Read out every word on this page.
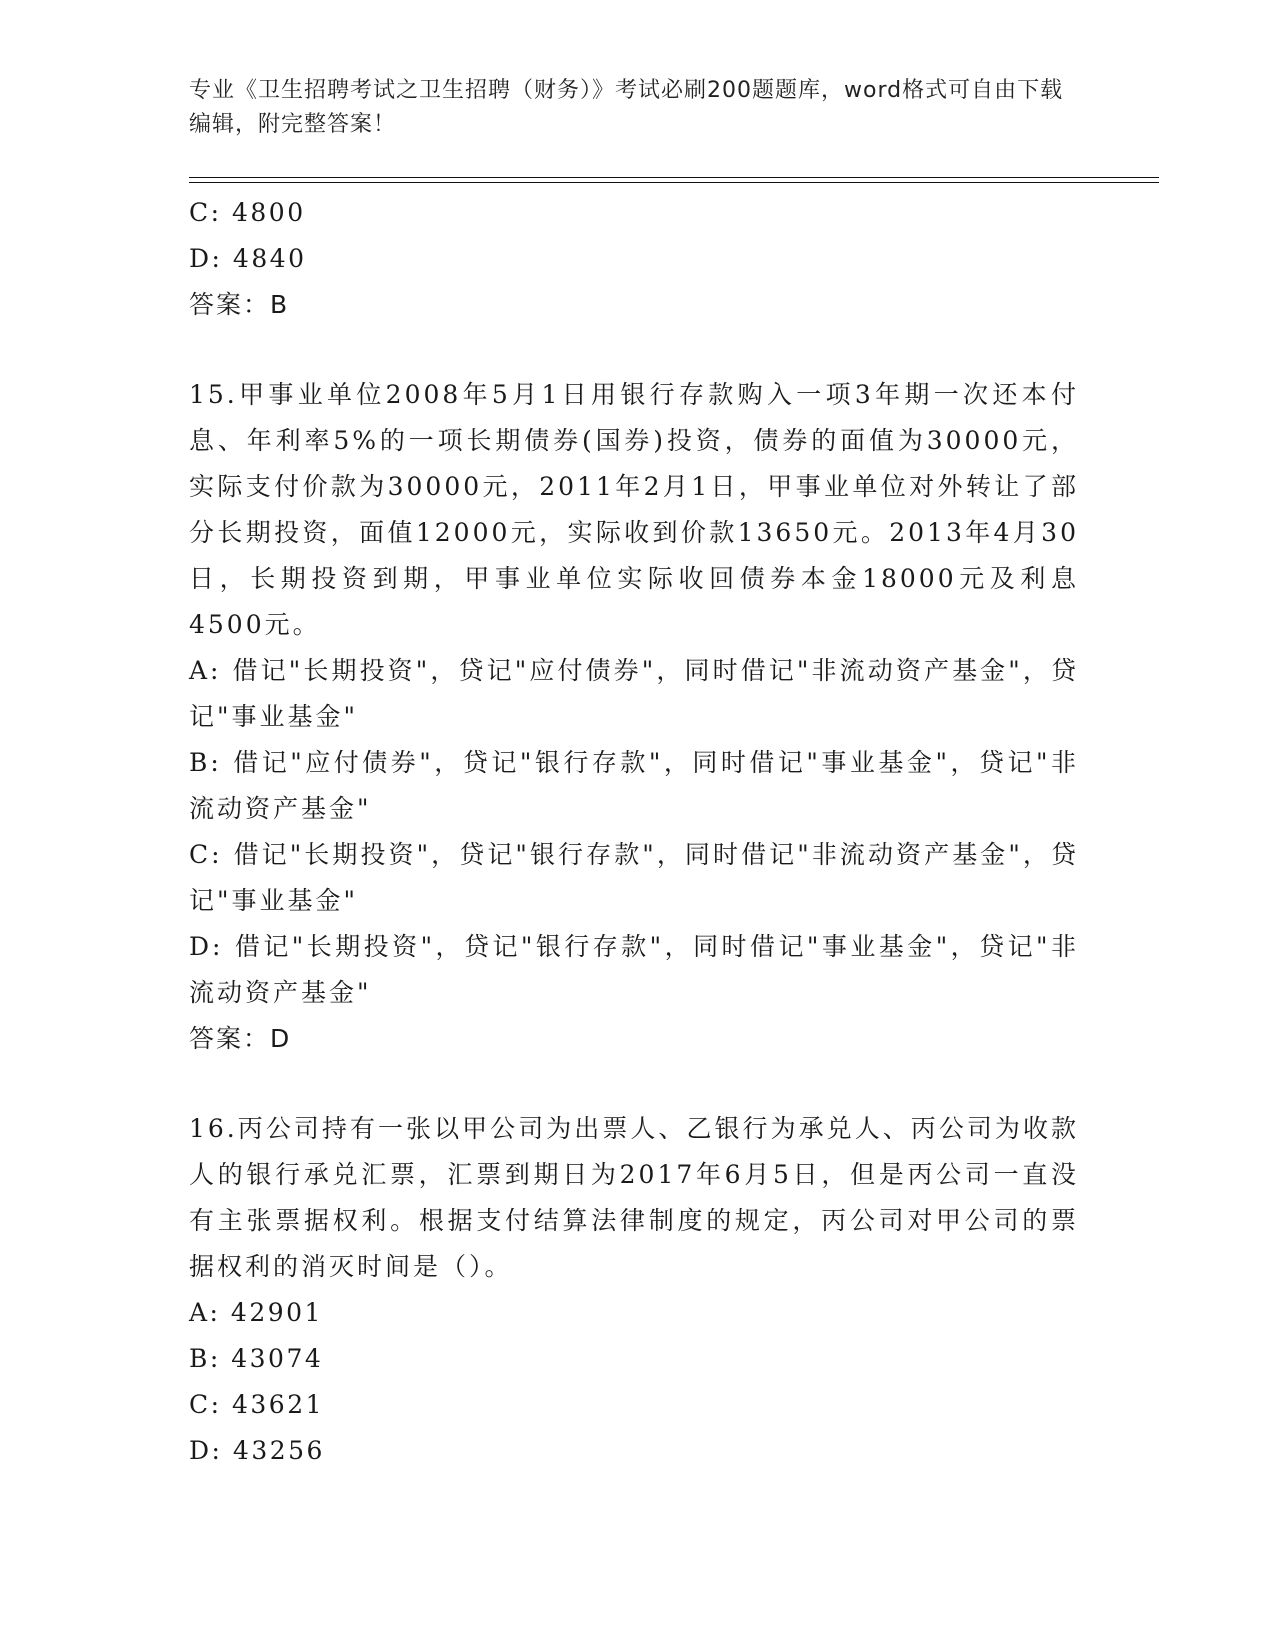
专业《卫生招聘考试之卫生招聘（财务）》考试必刷200题题库，word格式可自由下载编辑，附完整答案！
C: 4800
D: 4840
答案：B
15.甲事业单位2008年5月1日用银行存款购入一项3年期一次还本付息、年利率5%的一项长期债券(国券)投资，债券的面值为30000元，实际支付价款为30000元，2011年2月1日，甲事业单位对外转让了部分长期投资，面值12000元，实际收到价款13650元。2013年4月30日，长期投资到期，甲事业单位实际收回债券本金18000元及利息4500元。
A: 借记"长期投资"，贷记"应付债券"，同时借记"非流动资产基金"，贷记"事业基金"
B: 借记"应付债券"，贷记"银行存款"，同时借记"事业基金"，贷记"非流动资产基金"
C: 借记"长期投资"，贷记"银行存款"，同时借记"非流动资产基金"，贷记"事业基金"
D: 借记"长期投资"，贷记"银行存款"，同时借记"事业基金"，贷记"非流动资产基金"
答案：D
16.丙公司持有一张以甲公司为出票人、乙银行为承兑人、丙公司为收款人的银行承兑汇票，汇票到期日为2017年6月5日，但是丙公司一直没有主张票据权利。根据支付结算法律制度的规定，丙公司对甲公司的票据权利的消灭时间是（）。
A: 42901
B: 43074
C: 43621
D: 43256
